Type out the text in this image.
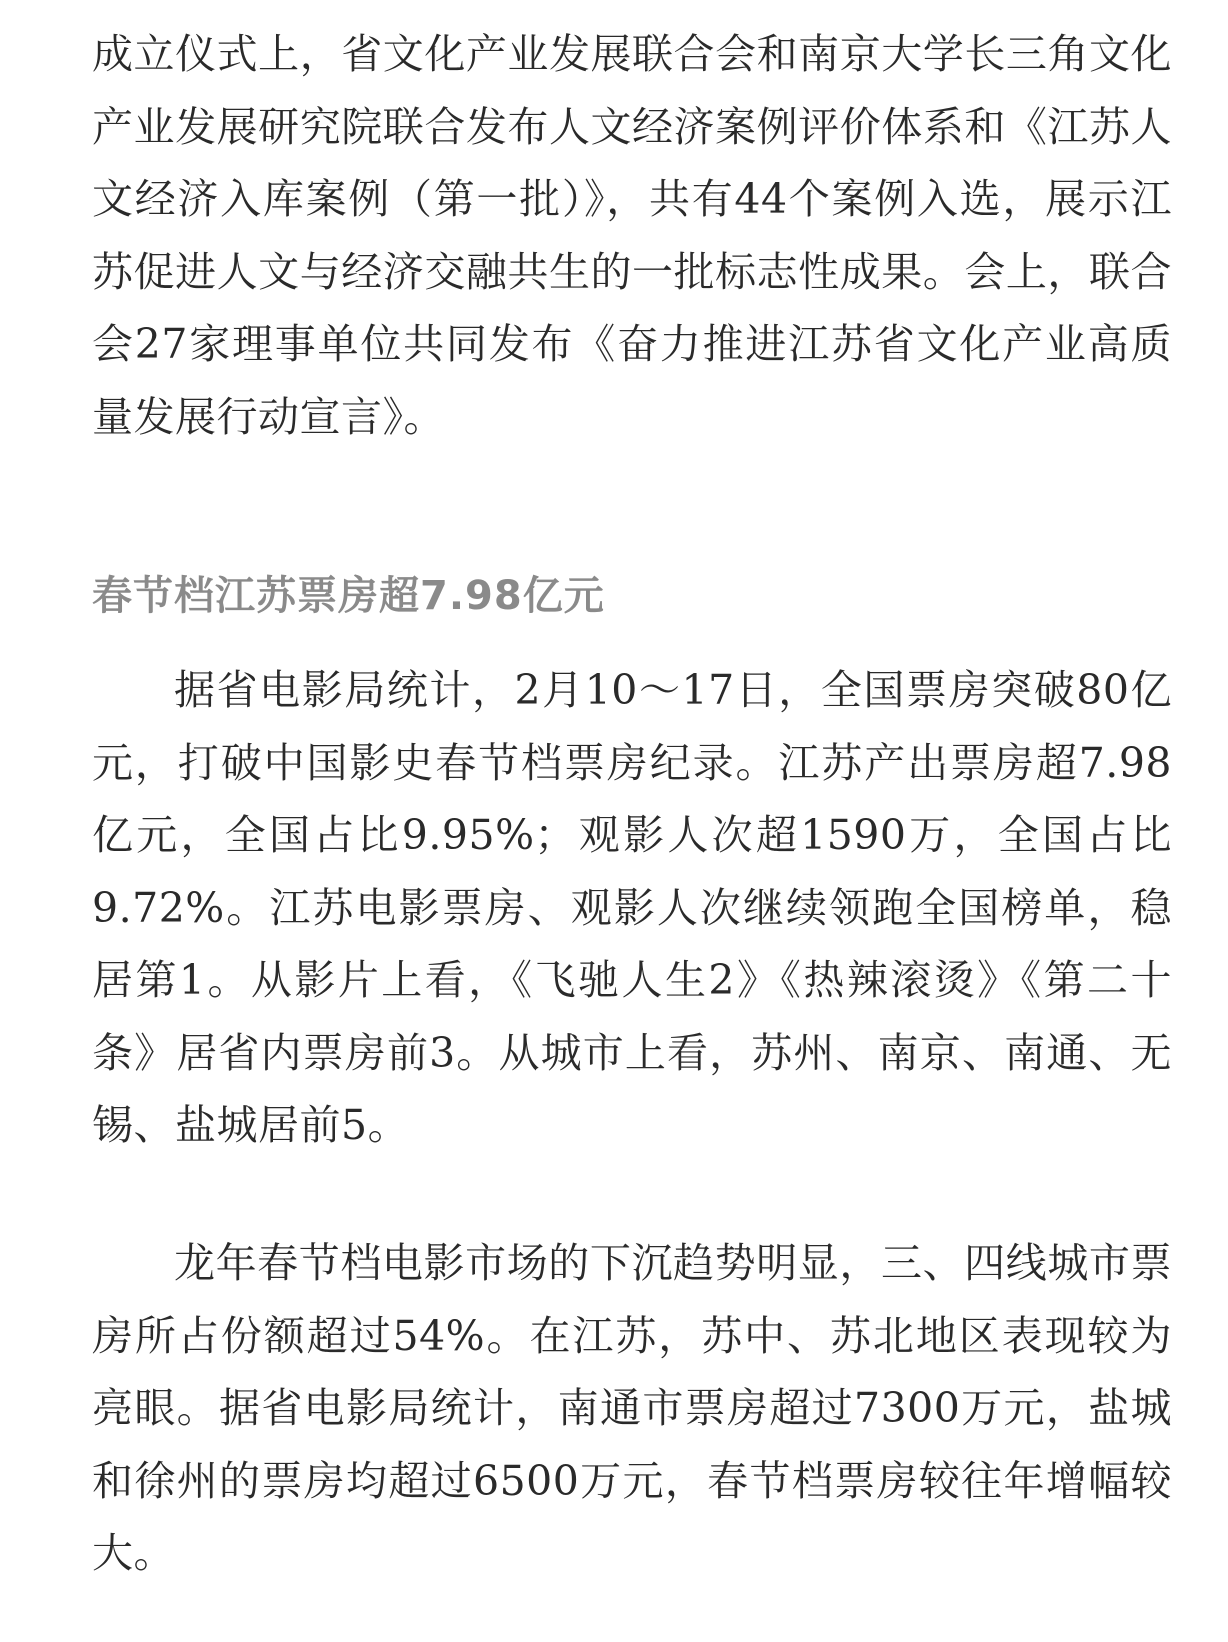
成立仪式上，省文化产业发展联合会和南京大学长三角文化产业发展研究院联合发布人文经济案例评价体系和《江苏人文经济入库案例（第一批）》，共有44个案例入选，展示江苏促进人文与经济交融共生的一批标志性成果。会上，联合会27家理事单位共同发布《奋力推进江苏省文化产业高质量发展行动宣言》。

春节档江苏票房超7.98亿元

据省电影局统计，2月10～17日，全国票房突破80亿元，打破中国影史春节档票房纪录。江苏产出票房超7.98亿元，全国占比9.95%；观影人次超1590万，全国占比9.72%。江苏电影票房、观影人次继续领跑全国榜单，稳居第1。从影片上看，《飞驰人生2》《热辣滚烫》《第二十条》居省内票房前3。从城市上看，苏州、南京、南通、无锡、盐城居前5。

龙年春节档电影市场的下沉趋势明显，三、四线城市票房所占份额超过54%。在江苏，苏中、苏北地区表现较为亮眼。据省电影局统计，南通市票房超过7300万元，盐城和徐州的票房均超过6500万元，春节档票房较往年增幅较大。
